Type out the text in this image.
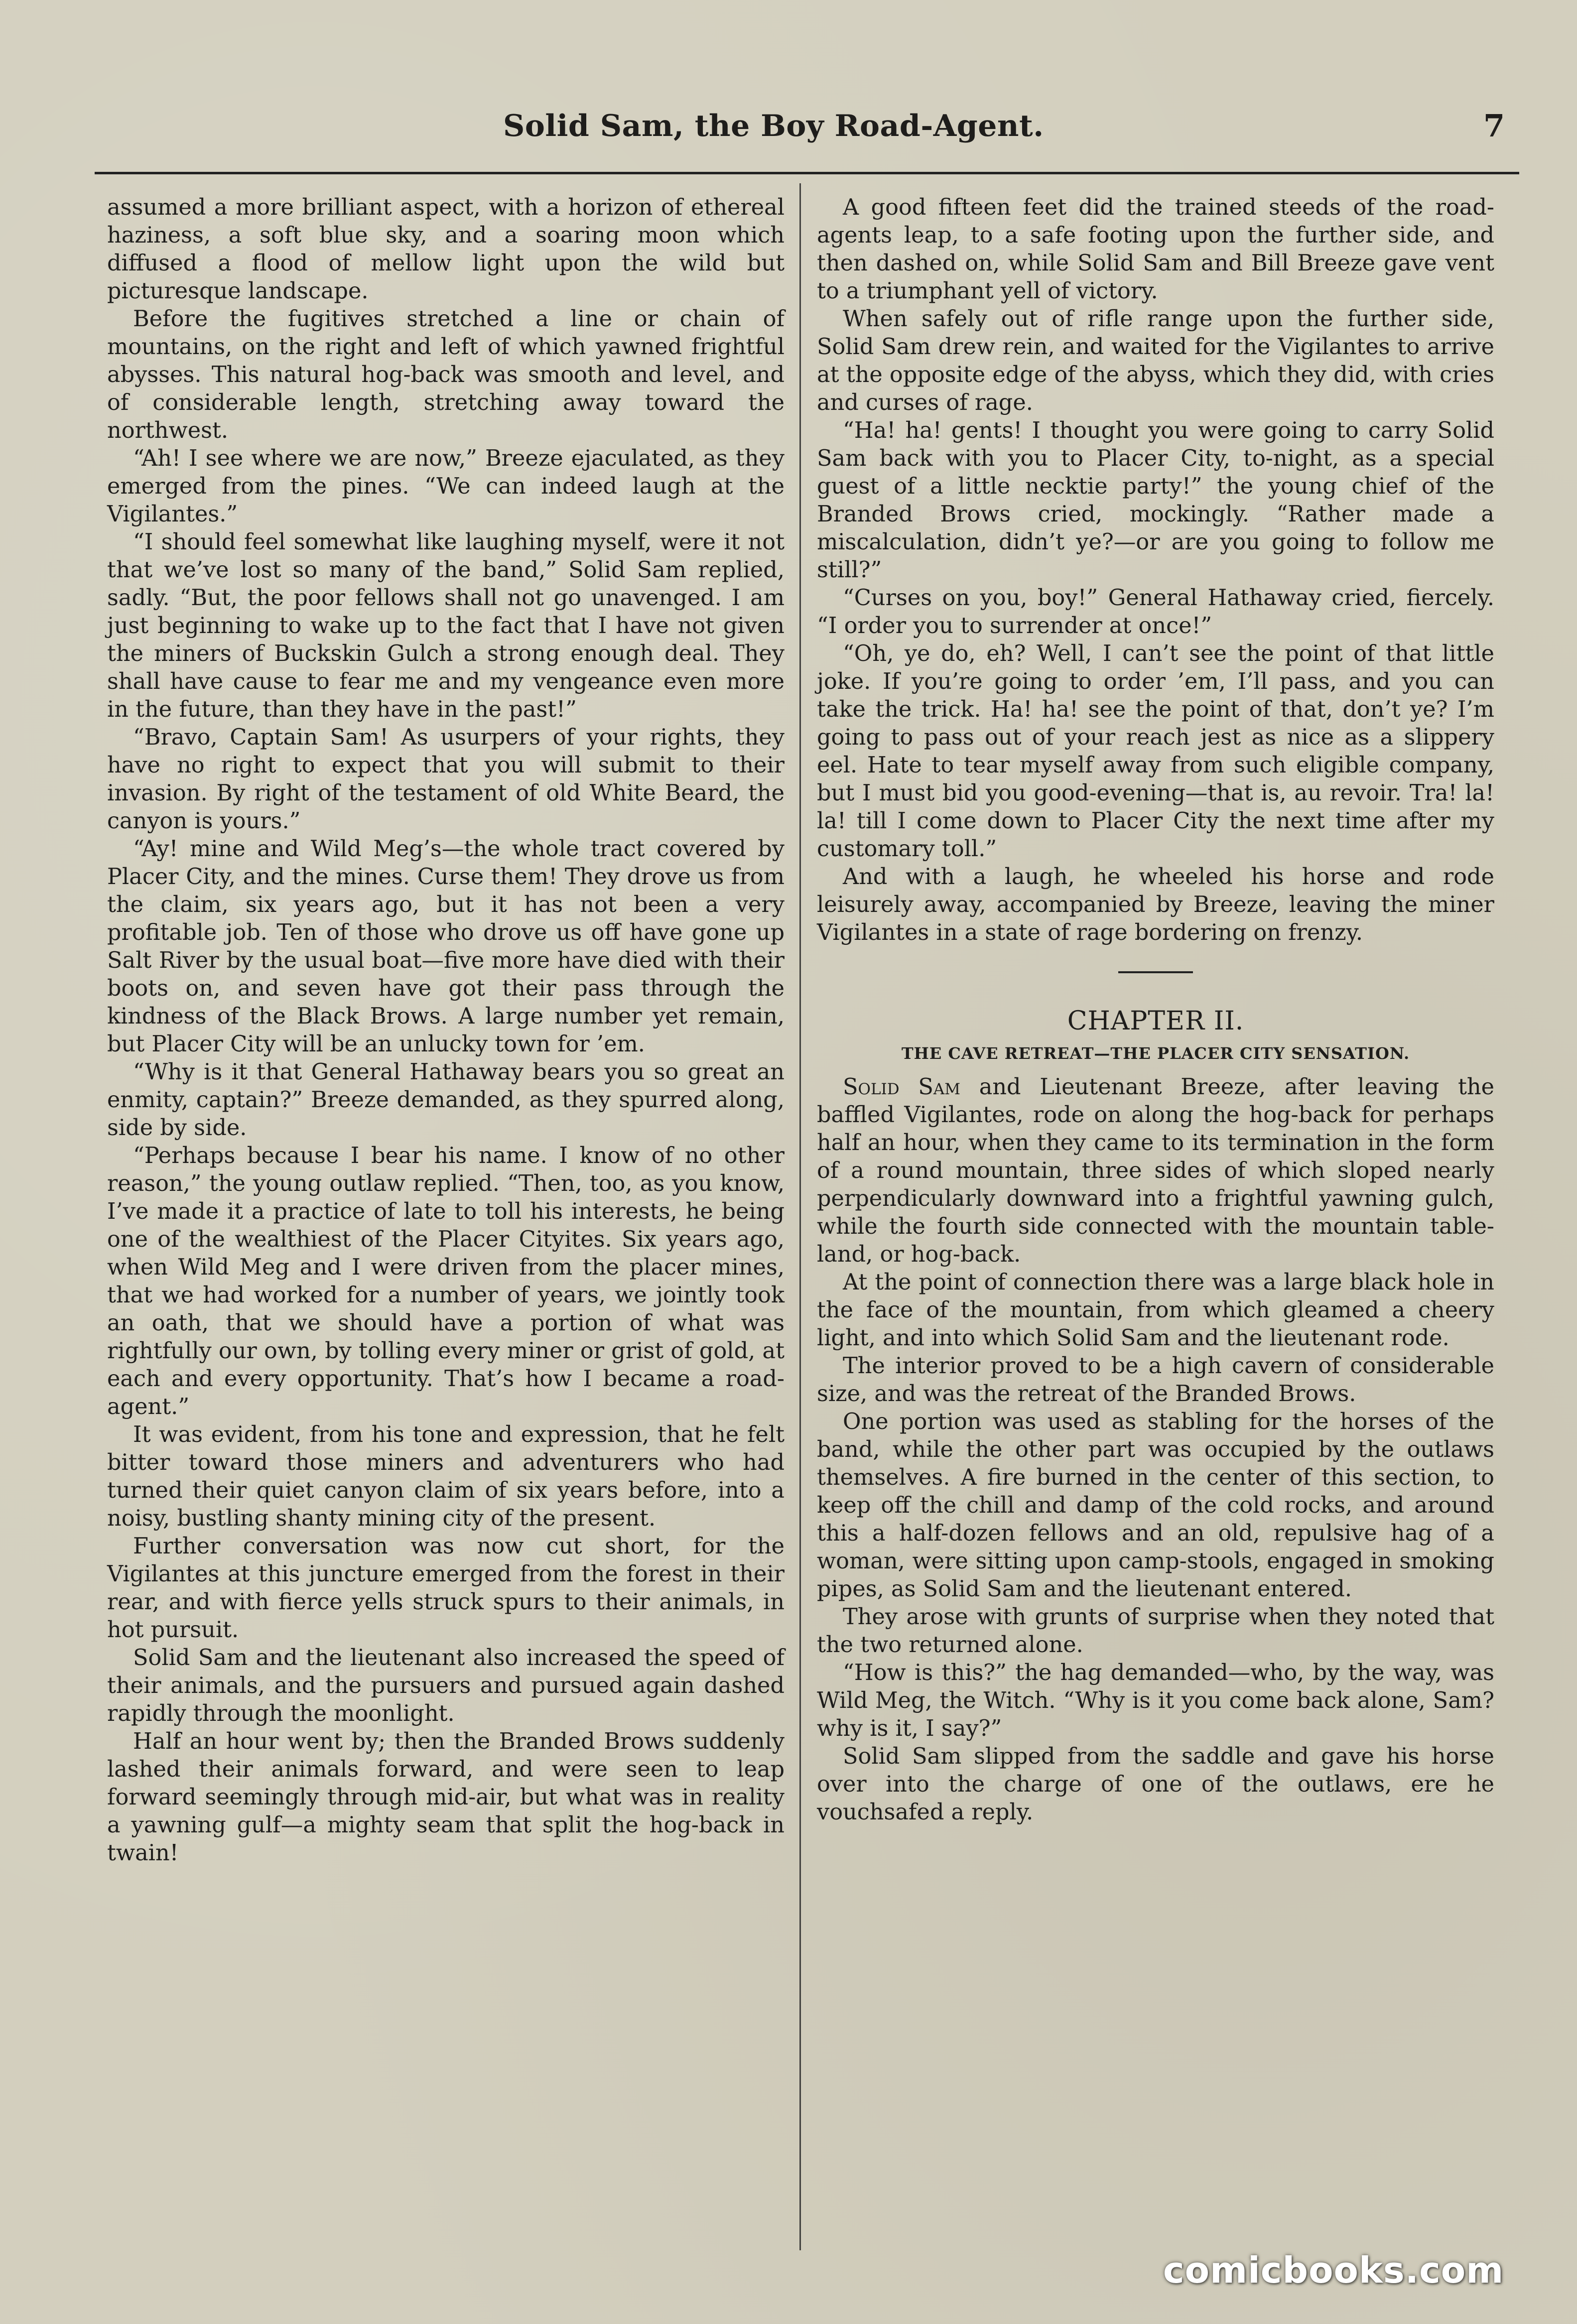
Solid Sam, the Boy Road-Agent.	7

assumed a more brilliant aspect, with a horizon of ethereal haziness, a soft blue sky, and a soaring moon which diffused a flood of mellow light upon the wild but picturesque landscape.

Before the fugitives stretched a line or chain of mountains, on the right and left of which yawned frightful abysses. This natural hog-back was smooth and level, and of considerable length, stretching away toward the northwest.

“Ah! I see where we are now,” Breeze ejaculated, as they emerged from the pines. “We can indeed laugh at the Vigilantes.”

“I should feel somewhat like laughing myself, were it not that we’ve lost so many of the band,” Solid Sam replied, sadly. “But, the poor fellows shall not go unavenged. I am just beginning to wake up to the fact that I have not given the miners of Buckskin Gulch a strong enough deal. They shall have cause to fear me and my vengeance even more in the future, than they have in the past!”

“Bravo, Captain Sam! As usurpers of your rights, they have no right to expect that you will submit to their invasion. By right of the testament of old White Beard, the canyon is yours.”

“Ay! mine and Wild Meg’s—the whole tract covered by Placer City, and the mines. Curse them! They drove us from the claim, six years ago, but it has not been a very profitable job. Ten of those who drove us off have gone up Salt River by the usual boat—five more have died with their boots on, and seven have got their pass through the kindness of the Black Brows. A large number yet remain, but Placer City will be an unlucky town for ’em.

“Why is it that General Hathaway bears you so great an enmity, captain?” Breeze demanded, as they spurred along, side by side.

“Perhaps because I bear his name. I know of no other reason,” the young outlaw replied. “Then, too, as you know, I’ve made it a practice of late to toll his interests, he being one of the wealthiest of the Placer Cityites. Six years ago, when Wild Meg and I were driven from the placer mines, that we had worked for a number of years, we jointly took an oath, that we should have a portion of what was rightfully our own, by tolling every miner or grist of gold, at each and every opportunity. That’s how I became a road-agent.”

It was evident, from his tone and expression, that he felt bitter toward those miners and adventurers who had turned their quiet canyon claim of six years before, into a noisy, bustling shanty mining city of the present.

Further conversation was now cut short, for the Vigilantes at this juncture emerged from the forest in their rear, and with fierce yells struck spurs to their animals, in hot pursuit.

Solid Sam and the lieutenant also increased the speed of their animals, and the pursuers and pursued again dashed rapidly through the moonlight.

Half an hour went by; then the Branded Brows suddenly lashed their animals forward, and were seen to leap forward seemingly through mid-air, but what was in reality a yawning gulf—a mighty seam that split the hog-back in twain!

A good fifteen feet did the trained steeds of the road-agents leap, to a safe footing upon the further side, and then dashed on, while Solid Sam and Bill Breeze gave vent to a triumphant yell of victory.

When safely out of rifle range upon the further side, Solid Sam drew rein, and waited for the Vigilantes to arrive at the opposite edge of the abyss, which they did, with cries and curses of rage.

“Ha! ha! gents! I thought you were going to carry Solid Sam back with you to Placer City, to-night, as a special guest of a little necktie party!” the young chief of the Branded Brows cried, mockingly. “Rather made a miscalculation, didn’t ye?—or are you going to follow me still?”

“Curses on you, boy!” General Hathaway cried, fiercely. “I order you to surrender at once!”

“Oh, ye do, eh? Well, I can’t see the point of that little joke. If you’re going to order ’em, I’ll pass, and you can take the trick. Ha! ha! see the point of that, don’t ye? I’m going to pass out of your reach jest as nice as a slippery eel. Hate to tear myself away from such eligible company, but I must bid you good-evening—that is, au revoir. Tra! la! la! till I come down to Placer City the next time after my customary toll.”

And with a laugh, he wheeled his horse and rode leisurely away, accompanied by Breeze, leaving the miner Vigilantes in a state of rage bordering on frenzy.

CHAPTER II.
THE CAVE RETREAT—THE PLACER CITY SENSATION.

Solid Sam and Lieutenant Breeze, after leaving the baffled Vigilantes, rode on along the hog-back for perhaps half an hour, when they came to its termination in the form of a round mountain, three sides of which sloped nearly perpendicularly downward into a frightful yawning gulch, while the fourth side connected with the mountain table-land, or hog-back.

At the point of connection there was a large black hole in the face of the mountain, from which gleamed a cheery light, and into which Solid Sam and the lieutenant rode.

The interior proved to be a high cavern of considerable size, and was the retreat of the Branded Brows.

One portion was used as stabling for the horses of the band, while the other part was occupied by the outlaws themselves. A fire burned in the center of this section, to keep off the chill and damp of the cold rocks, and around this a half-dozen fellows and an old, repulsive hag of a woman, were sitting upon camp-stools, engaged in smoking pipes, as Solid Sam and the lieutenant entered.

They arose with grunts of surprise when they noted that the two returned alone.

“How is this?” the hag demanded—who, by the way, was Wild Meg, the Witch. “Why is it you come back alone, Sam? why is it, I say?”

Solid Sam slipped from the saddle and gave his horse over into the charge of one of the outlaws, ere he vouchsafed a reply.

comicbooks.com
